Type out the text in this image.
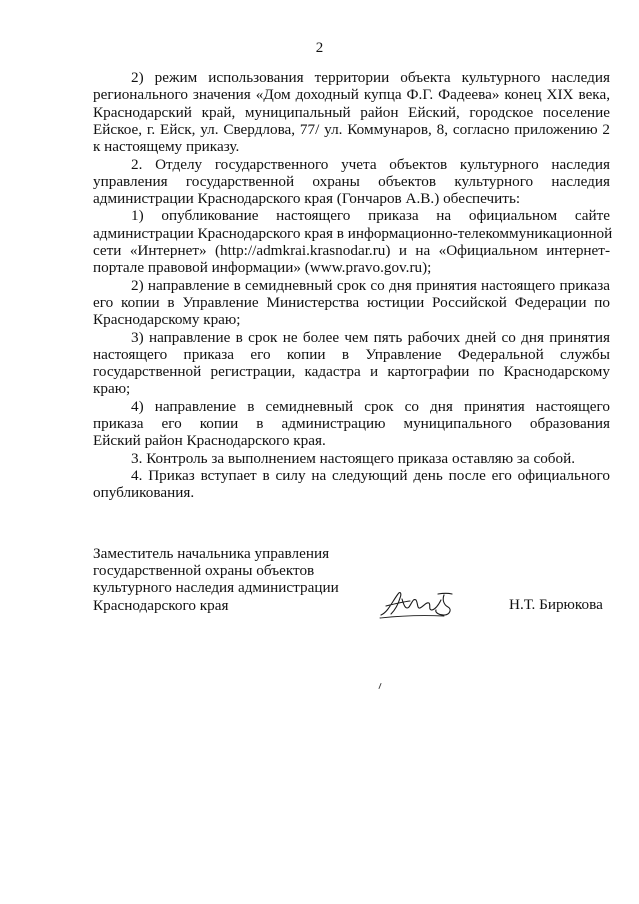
2
2) режим использования территории объекта культурного наследия
регионального значения «Дом доходный купца Ф.Г. Фадеева» конец XIX века,
Краснодарский край, муниципальный район Ейский, городское поселение
Ейское, г. Ейск, ул. Свердлова, 77/ ул. Коммунаров, 8, согласно приложению 2
к настоящему приказу.
2. Отделу государственного учета объектов культурного наследия
управления государственной охраны объектов культурного наследия
администрации Краснодарского края (Гончаров А.В.) обеспечить:
1) опубликование настоящего приказа на официальном сайте
администрации Краснодарского края в информационно-телекоммуникационной
сети «Интернет» (http://admkrai.krasnodar.ru) и на «Официальном интернет-
портале правовой информации» (www.pravo.gov.ru);
2) направление в семидневный срок со дня принятия настоящего приказа
его копии в Управление Министерства юстиции Российской Федерации по
Краснодарскому краю;
3) направление в срок не более чем пять рабочих дней со дня принятия
настоящего приказа его копии в Управление Федеральной службы
государственной регистрации, кадастра и картографии по Краснодарскому
краю;
4) направление в семидневный срок со дня принятия настоящего
приказа его копии в администрацию муниципального образования
Ейский район Краснодарского края.
3. Контроль за выполнением настоящего приказа оставляю за собой.
4. Приказ вступает в силу на следующий день после его официального
опубликования.
Заместитель начальника управления
государственной охраны объектов
культурного наследия администрации
Краснодарского края	Н.Т. Бирюкова
